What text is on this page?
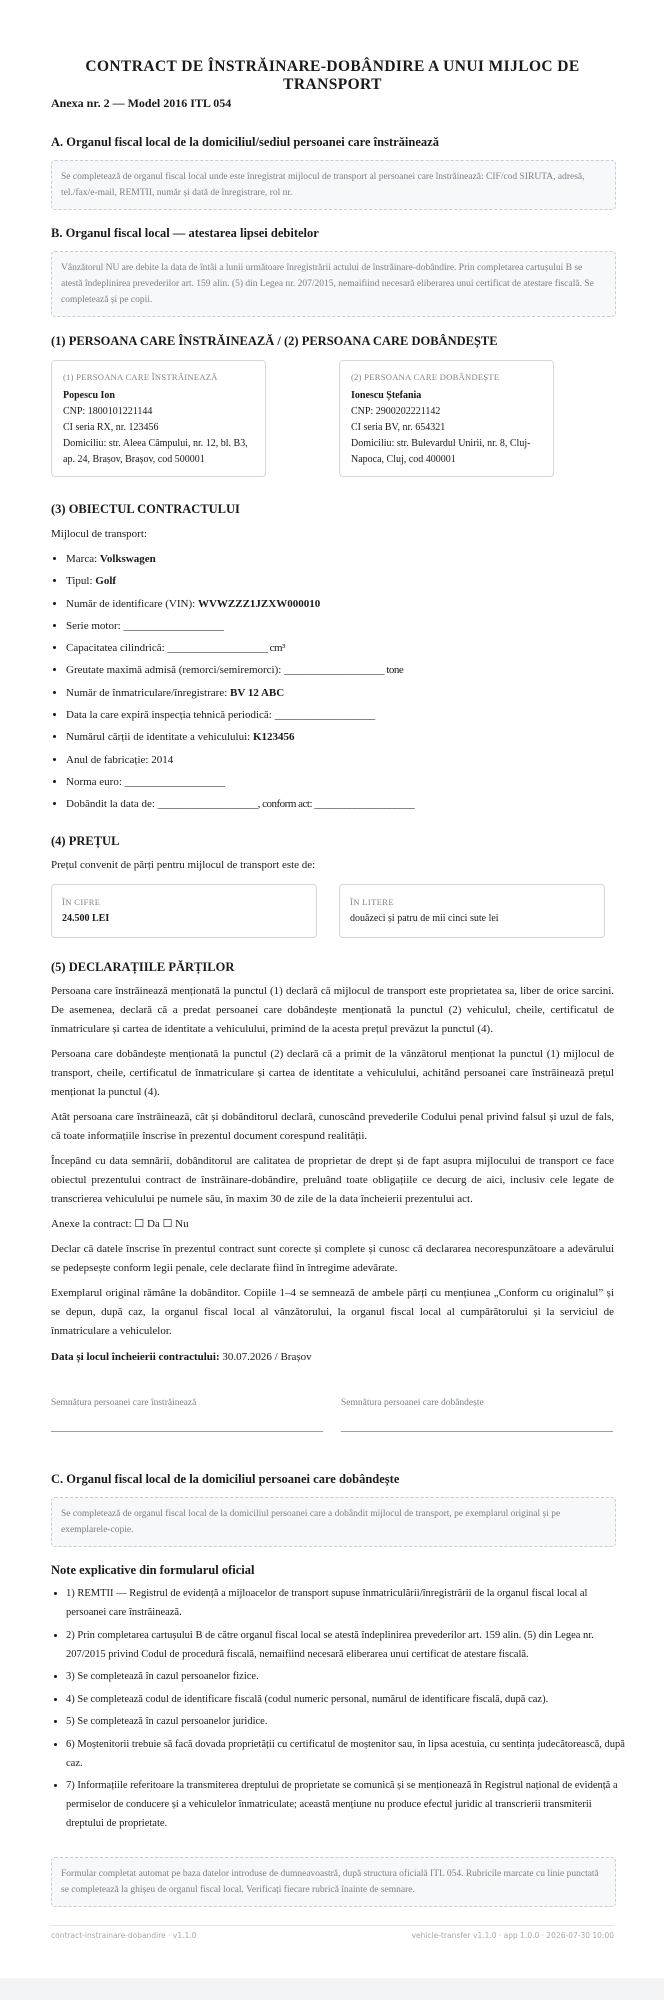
CONTRACT DE ÎNSTRĂINARE-DOBÂNDIRE A UNUI MIJLOC DE TRANSPORT
Anexa nr. 2 — Model 2016 ITL 054
A. Organul fiscal local de la domiciliul/sediul persoanei care înstrăinează
Se completează de organul fiscal local unde este înregistrat mijlocul de transport al persoanei care înstrăinează: CIF/cod SIRUTA, adresă, tel./fax/e-mail, REMTII, număr și dată de înregistrare, rol nr.
B. Organul fiscal local — atestarea lipsei debitelor
Vânzătorul NU are debite la data de întâi a lunii următoare înregistrării actului de înstrăinare-dobândire. Prin completarea cartușului B se atestă îndeplinirea prevederilor art. 159 alin. (5) din Legea nr. 207/2015, nemaifiind necesară eliberarea unui certificat de atestare fiscală. Se completează și pe copii.
(1) PERSOANA CARE ÎNSTRĂINEAZĂ / (2) PERSOANA CARE DOBÂNDEȘTE
(1) PERSOANA CARE ÎNSTRĂINEAZĂ
Popescu Ion
CNP: 1800101221144
CI seria RX, nr. 123456
Domiciliu: str. Aleea Câmpului, nr. 12, bl. B3, ap. 24, Brașov, Brașov, cod 500001
(2) PERSOANA CARE DOBÂNDEȘTE
Ionescu Ștefania
CNP: 2900202221142
CI seria BV, nr. 654321
Domiciliu: str. Bulevardul Unirii, nr. 8, Cluj-Napoca, Cluj, cod 400001
(3) OBIECTUL CONTRACTULUI
Mijlocul de transport:
• Marca: Volkswagen
• Tipul: Golf
• Număr de identificare (VIN): WVWZZZ1JZXW000010
• Serie motor: ____________________
• Capacitatea cilindrică: ____________________ cm³
• Greutate maximă admisă (remorci/semiremorci): ____________________ tone
• Număr de înmatriculare/înregistrare: BV 12 ABC
• Data la care expiră inspecția tehnică periodică: ____________________
• Numărul cărții de identitate a vehiculului: K123456
• Anul de fabricație: 2014
• Norma euro: ____________________
• Dobândit la data de: ____________________, conform act: ____________________
(4) PREȚUL
Prețul convenit de părți pentru mijlocul de transport este de:
ÎN CIFRE
24.500 LEI
ÎN LITERE
douăzeci și patru de mii cinci sute lei
(5) DECLARAȚIILE PĂRȚILOR
Persoana care înstrăinează menționată la punctul (1) declară că mijlocul de transport este proprietatea sa, liber de orice sarcini. De asemenea, declară că a predat persoanei care dobândește menționată la punctul (2) vehiculul, cheile, certificatul de înmatriculare și cartea de identitate a vehiculului, primind de la acesta prețul prevăzut la punctul (4).
Persoana care dobândește menționată la punctul (2) declară că a primit de la vânzătorul menționat la punctul (1) mijlocul de transport, cheile, certificatul de înmatriculare și cartea de identitate a vehiculului, achitând persoanei care înstrăinează prețul menționat la punctul (4).
Atât persoana care înstrăinează, cât și dobânditorul declară, cunoscând prevederile Codului penal privind falsul și uzul de fals, că toate informațiile înscrise în prezentul document corespund realității.
Începând cu data semnării, dobânditorul are calitatea de proprietar de drept și de fapt asupra mijlocului de transport ce face obiectul prezentului contract de înstrăinare-dobândire, preluând toate obligațiile ce decurg de aici, inclusiv cele legate de transcrierea vehiculului pe numele său, în maxim 30 de zile de la data încheierii prezentului act.
Anexe la contract: ☐ Da ☐ Nu
Declar că datele înscrise în prezentul contract sunt corecte și complete și cunosc că declararea necorespunzătoare a adevărului se pedepsește conform legii penale, cele declarate fiind în întregime adevărate.
Exemplarul original rămâne la dobânditor. Copiile 1–4 se semnează de ambele părți cu mențiunea „Conform cu originalul” și se depun, după caz, la organul fiscal local al vânzătorului, la organul fiscal local al cumpărătorului și la serviciul de înmatriculare a vehiculelor.
Data și locul încheierii contractului: 30.07.2026 / Brașov
Semnătura persoanei care înstrăinează	Semnătura persoanei care dobândește
C. Organul fiscal local de la domiciliul persoanei care dobândește
Se completează de organul fiscal local de la domiciliul persoanei care a dobândit mijlocul de transport, pe exemplarul original și pe exemplarele-copie.
Note explicative din formularul oficial
• 1) REMTII — Registrul de evidență a mijloacelor de transport supuse înmatriculării/înregistrării de la organul fiscal local al persoanei care înstrăinează.
• 2) Prin completarea cartușului B de către organul fiscal local se atestă îndeplinirea prevederilor art. 159 alin. (5) din Legea nr. 207/2015 privind Codul de procedură fiscală, nemaifiind necesară eliberarea unui certificat de atestare fiscală.
• 3) Se completează în cazul persoanelor fizice.
• 4) Se completează codul de identificare fiscală (codul numeric personal, numărul de identificare fiscală, după caz).
• 5) Se completează în cazul persoanelor juridice.
• 6) Moștenitorii trebuie să facă dovada proprietății cu certificatul de moștenitor sau, în lipsa acestuia, cu sentința judecătorească, după caz.
• 7) Informațiile referitoare la transmiterea dreptului de proprietate se comunică și se menționează în Registrul național de evidență a permiselor de conducere și a vehiculelor înmatriculate; această mențiune nu produce efectul juridic al transcrierii transmiterii dreptului de proprietate.
Formular completat automat pe baza datelor introduse de dumneavoastră, după structura oficială ITL 054. Rubricile marcate cu linie punctată se completează la ghișeu de organul fiscal local. Verificați fiecare rubrică înainte de semnare.
contract-instrainare-dobandire · v1.1.0	vehicle-transfer v1.1.0 · app 1.0.0 · 2026-07-30 10:00
